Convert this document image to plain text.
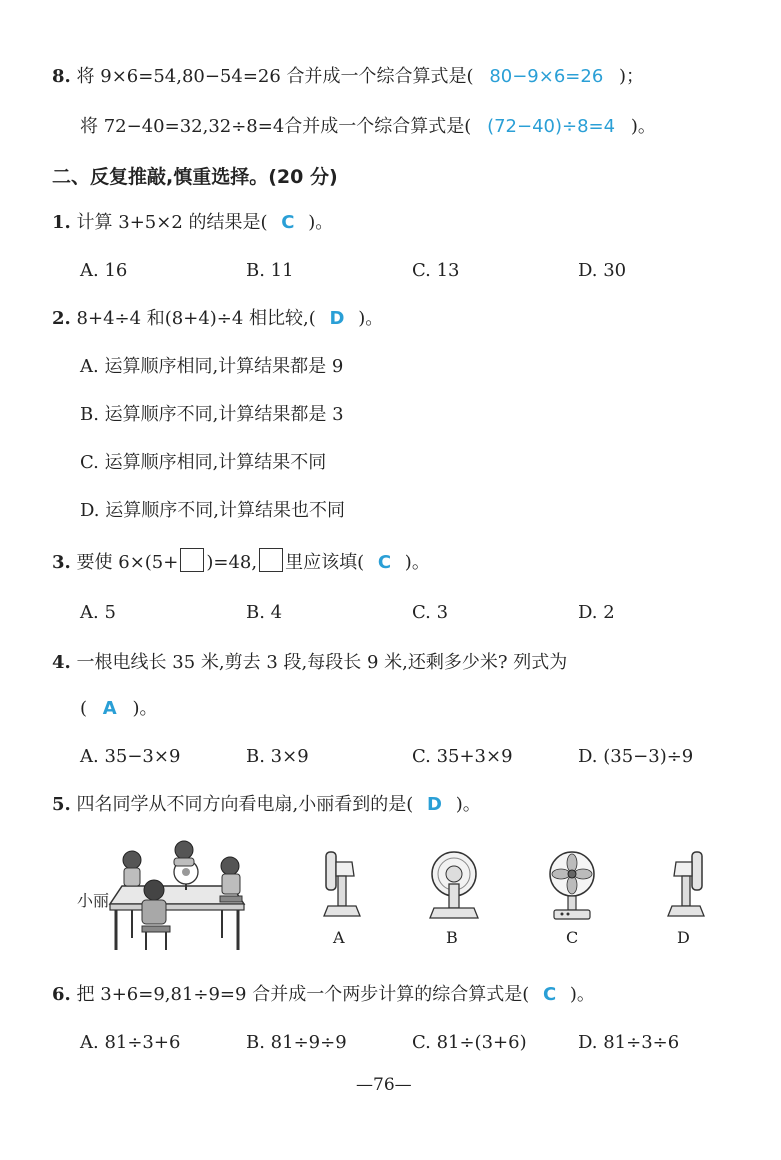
8. 将 9×6=54,80−54=26 合并成一个综合算式是( 80−9×6=26 )；
将 72−40=32,32÷8=4合并成一个综合算式是( (72−40)÷8=4 )。
二、反复推敲,慎重选择。(20 分)
1. 计算 3+5×2 的结果是( C )。
A. 16	B. 11	C. 13	D. 30
2. 8+4÷4 和(8+4)÷4 相比较,( D )。
A. 运算顺序相同,计算结果都是 9
B. 运算顺序不同,计算结果都是 3
C. 运算顺序相同,计算结果不同
D. 运算顺序不同,计算结果也不同
3. 要使 6×(5+ )=48, 里应该填( C )。
A. 5	B. 4	C. 3	D. 2
4. 一根电线长 35 米,剪去 3 段,每段长 9 米,还剩多少米? 列式为
( A )。
A. 35−3×9	B. 3×9	C. 35+3×9	D. (35−3)÷9
5. 四名同学从不同方向看电扇,小丽看到的是( D )。
小丽
A	B	C	D
6. 把 3+6=9,81÷9=9 合并成一个两步计算的综合算式是( C )。
A. 81÷3+6	B. 81÷9÷9	C. 81÷(3+6)	D. 81÷3÷6
—76—
